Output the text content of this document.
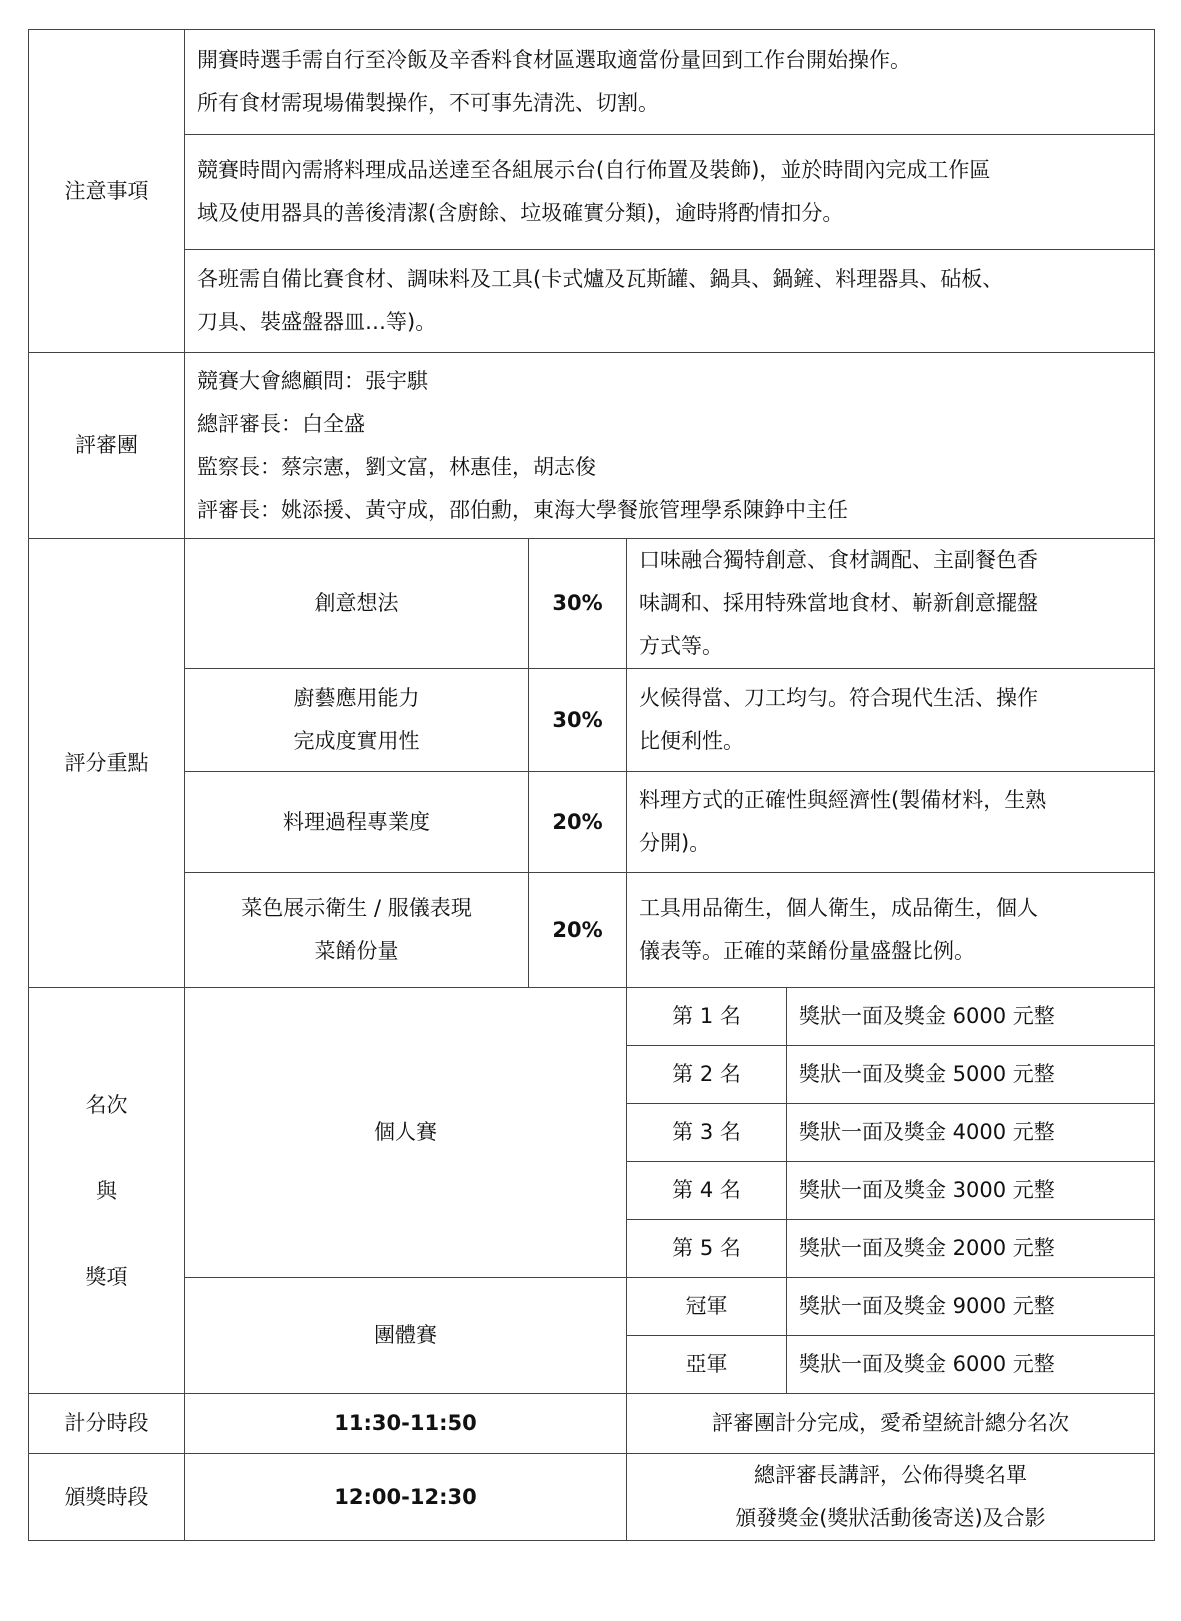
注意事項	開賽時選手需自行至冷飯及辛香料食材區選取適當份量回到工作台開始操作。
所有食材需現場備製操作，不可事先清洗、切割。			

	競賽時間內需將料理成品送達至各組展示台(自行佈置及裝飾)，並於時間內完成工作區
域及使用器具的善後清潔(含廚餘、垃圾確實分類)，逾時將酌情扣分。			

	各班需自備比賽食材、調味料及工具(卡式爐及瓦斯罐、鍋具、鍋鏟、料理器具、砧板、
刀具、裝盛盤器皿…等)。			

評審團	競賽大會總顧問：張宇騏
總評審長：白全盛
監察長：蔡宗憲，劉文富，林惠佳，胡志俊
評審長：姚添援、黃守成，邵伯勳，東海大學餐旅管理學系陳錚中主任			

評分重點	創意想法	30%	口味融合獨特創意、食材調配、主副餐色香
味調和、採用特殊當地食材、嶄新創意擺盤
方式等。	

	廚藝應用能力
完成度實用性	30%	火候得當、刀工均勻。符合現代生活、操作
比便利性。	

	料理過程專業度	20%	料理方式的正確性與經濟性(製備材料，生熟
分開)。	

	菜色展示衛生 / 服儀表現
菜餚份量	20%	工具用品衛生，個人衛生，成品衛生，個人
儀表等。正確的菜餚份量盛盤比例。	

名次
與
獎項	個人賽		第 1 名	獎狀一面及獎金 6000 元整
			第 2 名	獎狀一面及獎金 5000 元整
			第 3 名	獎狀一面及獎金 4000 元整
			第 4 名	獎狀一面及獎金 3000 元整
			第 5 名	獎狀一面及獎金 2000 元整
	團體賽		冠軍	獎狀一面及獎金 9000 元整
			亞軍	獎狀一面及獎金 6000 元整
計分時段	11:30-11:50		評審團計分完成，愛希望統計總分名次	

頒獎時段	12:00-12:30		總評審長講評，公佈得獎名單
頒發獎金(獎狀活動後寄送)及合影	
